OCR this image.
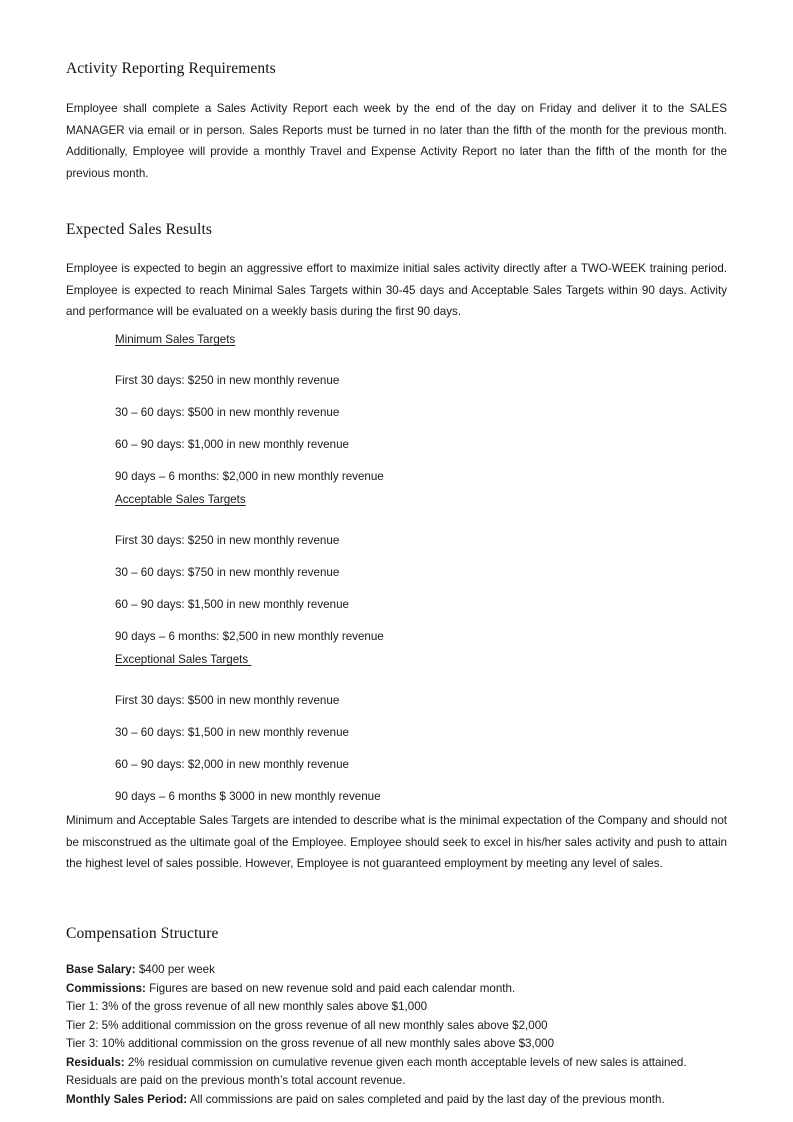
Activity Reporting Requirements

Employee shall complete a Sales Activity Report each week by the end of the day on Friday and deliver it to the SALES MANAGER via email or in person. Sales Reports must be turned in no later than the fifth of the month for the previous month. Additionally, Employee will provide a monthly Travel and Expense Activity Report no later than the fifth of the month for the previous month.

Expected Sales Results

Employee is expected to begin an aggressive effort to maximize initial sales activity directly after a TWO-WEEK training period. Employee is expected to reach Minimal Sales Targets within 30-45 days and Acceptable Sales Targets within 90 days. Activity and performance will be evaluated on a weekly basis during the first 90 days.

Minimum Sales Targets
First 30 days: $250 in new monthly revenue
30 – 60 days: $500 in new monthly revenue
60 – 90 days: $1,000 in new monthly revenue
90 days – 6 months: $2,000 in new monthly revenue
Acceptable Sales Targets
First 30 days: $250 in new monthly revenue
30 – 60 days: $750 in new monthly revenue
60 – 90 days: $1,500 in new monthly revenue
90 days – 6 months: $2,500 in new monthly revenue
Exceptional Sales Targets
First 30 days: $500 in new monthly revenue
30 – 60 days: $1,500 in new monthly revenue
60 – 90 days: $2,000 in new monthly revenue
90 days – 6 months $ 3000 in new monthly revenue

Minimum and Acceptable Sales Targets are intended to describe what is the minimal expectation of the Company and should not be misconstrued as the ultimate goal of the Employee. Employee should seek to excel in his/her sales activity and push to attain the highest level of sales possible. However, Employee is not guaranteed employment by meeting any level of sales.

Compensation Structure
Base Salary: $400 per week
Commissions: Figures are based on new revenue sold and paid each calendar month.
Tier 1: 3% of the gross revenue of all new monthly sales above $1,000
Tier 2: 5% additional commission on the gross revenue of all new monthly sales above $2,000
Tier 3: 10% additional commission on the gross revenue of all new monthly sales above $3,000
Residuals: 2% residual commission on cumulative revenue given each month acceptable levels of new sales is attained.
Residuals are paid on the previous month’s total account revenue.
Monthly Sales Period: All commissions are paid on sales completed and paid by the last day of the previous month.
